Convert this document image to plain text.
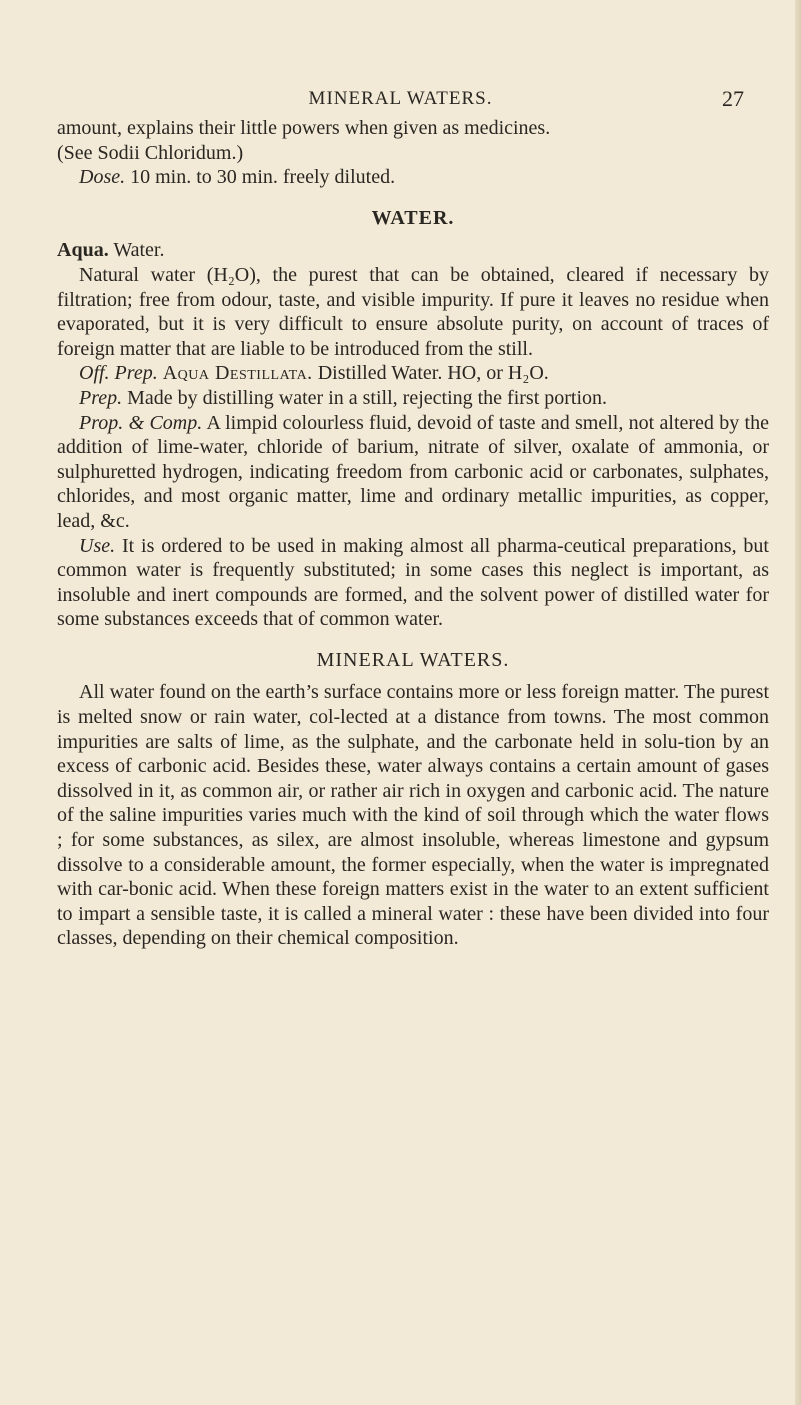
MINERAL WATERS.	27

amount, explains their little powers when given as medicines.
(See Sodii Chloridum.)

Dose. 10 min. to 30 min. freely diluted.

WATER.

Aqua. Water.

Natural water (H₂O), the purest that can be obtained, cleared if necessary by filtration; free from odour, taste, and visible impurity. If pure it leaves no residue when evaporated, but it is very difficult to ensure absolute purity, on account of traces of foreign matter that are liable to be introduced from the still.

Off. Prep. Aqua Destillata. Distilled Water. HO, or H₂O.

Prep. Made by distilling water in a still, rejecting the first portion.

Prop. & Comp. A limpid colourless fluid, devoid of taste and smell, not altered by the addition of lime-water, chloride of barium, nitrate of silver, oxalate of ammonia, or sulphuretted hydrogen, indicating freedom from carbonic acid or carbonates, sulphates, chlorides, and most organic matter, lime and ordinary metallic impurities, as copper, lead, &c.

Use. It is ordered to be used in making almost all pharma-ceutical preparations, but common water is frequently substituted; in some cases this neglect is important, as insoluble and inert compounds are formed, and the solvent power of distilled water for some substances exceeds that of common water.

MINERAL WATERS.

All water found on the earth’s surface contains more or less foreign matter. The purest is melted snow or rain water, col-lected at a distance from towns. The most common impurities are salts of lime, as the sulphate, and the carbonate held in solu-tion by an excess of carbonic acid. Besides these, water always contains a certain amount of gases dissolved in it, as common air, or rather air rich in oxygen and carbonic acid. The nature of the saline impurities varies much with the kind of soil through which the water flows ; for some substances, as silex, are almost insoluble, whereas limestone and gypsum dissolve to a considerable amount, the former especially, when the water is impregnated with car-bonic acid. When these foreign matters exist in the water to an extent sufficient to impart a sensible taste, it is called a mineral water : these have been divided into four classes, depending on their chemical composition.
